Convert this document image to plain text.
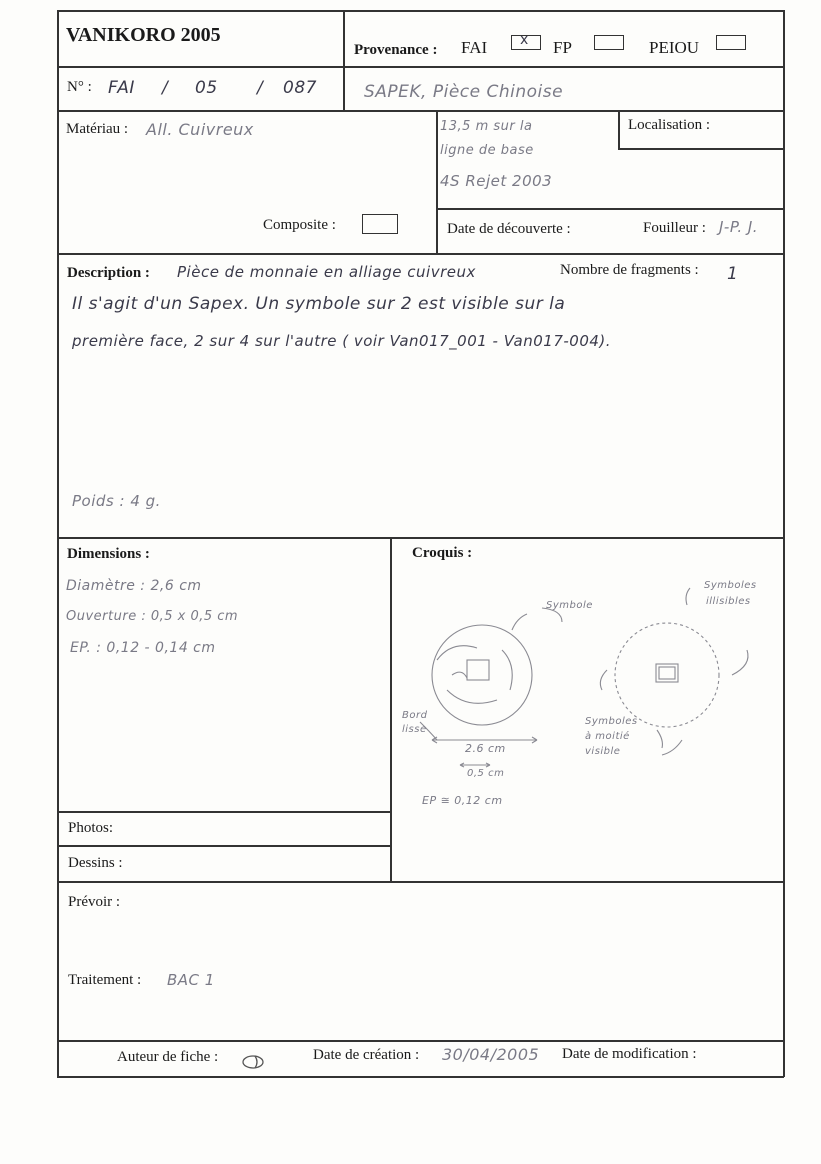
VANIKORO 2005
Provenance : FAI x FP	PEIOU
N° : FAI / 05 / 087	SAPEK, Pièce Chinoise
Matériau : All. Cuivreux
Composite :
13,5 m sur la
ligne de base
4S Rejet 2003
Localisation :
Date de découverte :	Fouilleur : J-P. J.
Description : Pièce de monnaie en alliage cuivreux	Nombre de fragments : 1
Il s'agit d'un Sapex. Un symbole sur 2 est visible sur la
première face, 2 sur 4 sur l'autre ( voir Van017_001 - Van017-004).
Poids : 4 g.
Dimensions :
Diamètre : 2,6 cm
Ouverture : 0,5 x 0,5 cm
EP. : 0,12 - 0,14 cm
Croquis :
Symbole
Symboles
illisibles
Bord
lisse
Symboles
à moitié
visible
2.6 cm
0,5 cm
EP ≅ 0,12 cm
Photos:
Dessins :
Prévoir :
Traitement : BAC 1
Auteur de fiche :	Date de création : 30/04/2005 Date de modification :
